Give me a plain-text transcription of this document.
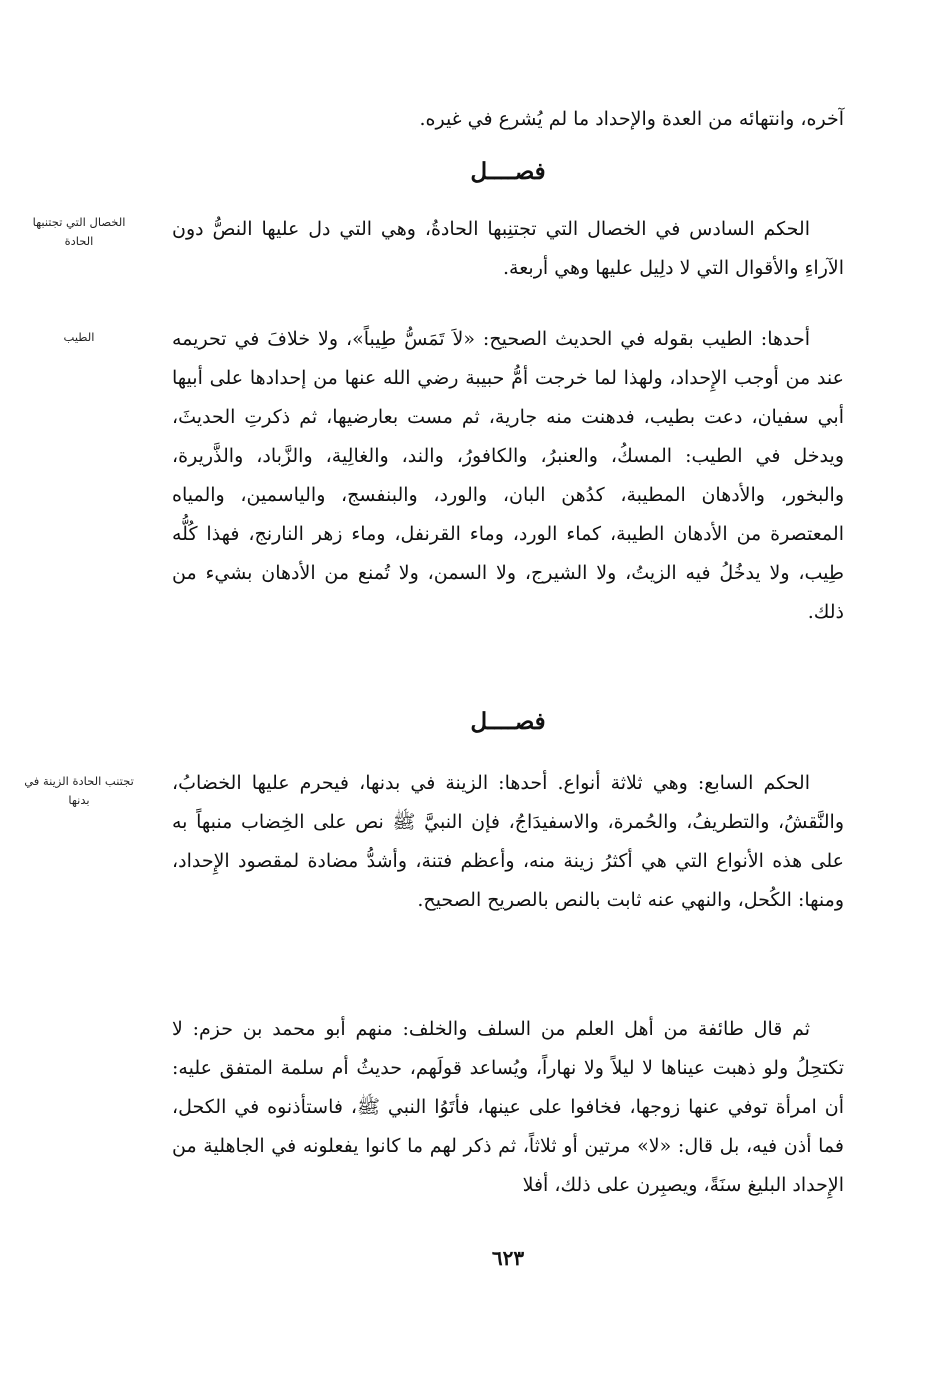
آخره، وانتهائه من العدة والإحداد ما لم يُشرع في غيره.

فصــــل
الخصال التي تجتنبها الحادة

الحكم السادس في الخصال التي تجتنِبها الحادةُ، وهي التي دل عليها النصُّ دون الآراءِ والأقوال التي لا دلِيل عليها وهي أربعة.

الطيب	أحدها: الطيب بقوله في الحديث الصحيح: «لاَ تَمَسُّ طِيباً»، ولا خلافَ في تحريمه عند من أوجب الإِحداد، ولهذا لما خرجت أمُّ حبيبة رضي الله عنها من إحدادها على أبيها أبي سفيان، دعت بطيب، فدهنت منه جارية، ثم مست بعارضيها، ثم ذكرتِ الحديثَ، ويدخل في الطيب: المسكُ، والعنبرُ، والكافورُ، والند، والغالِية، والزَّباد، والذَّريرة، والبخور، والأدهان المطيبة، كدُهن البان، والورد، والبنفسج، والياسمين، والمياه المعتصرة من الأدهان الطيبة، كماء الورد، وماء القرنفل، وماء زهر النارنج، فهذا كُلُّه طِيب، ولا يدخُلُ فيه الزيتُ، ولا الشيرج، ولا السمن، ولا تُمنع من الأدهان بشيء من ذلك.

فصــــل
تجتنب الحادة الزينة في بدنها

الحكم السابع: وهي ثلاثة أنواع. أحدها: الزينة في بدنها، فيحرم عليها الخضابُ، والنَّقشُ، والتطريفُ، والحُمرة، والاسفيدَاجُ، فإن النبيَّ ﷺ نص على الخِضاب منبهاً به على هذه الأنواع التي هي أكثرُ زينة منه، وأعظم فتنة، وأشدُّ مضادة لمقصود الإِحداد، ومنها: الكُحل، والنهي عنه ثابت بالنص بالصريح الصحيح.

ثم قال طائفة من أهل العلم من السلف والخلف: منهم أبو محمد بن حزم: لا تكتحِلُ ولو ذهبت عيناها لا ليلاً ولا نهاراً، ويُساعد قولَهم، حديثُ أم سلمة المتفق عليه: أن امرأة توفي عنها زوجها، فخافوا على عينها، فأتَوُا النبي ﷺ، فاستأذنوه في الكحل، فما أذن فيه، بل قال: «لا» مرتين أو ثلاثاً، ثم ذكر لهم ما كانوا يفعلونه في الجاهلية من الإِحداد البليغ سنَةً، ويصبِرن على ذلك، أفلا

٦٢٣
